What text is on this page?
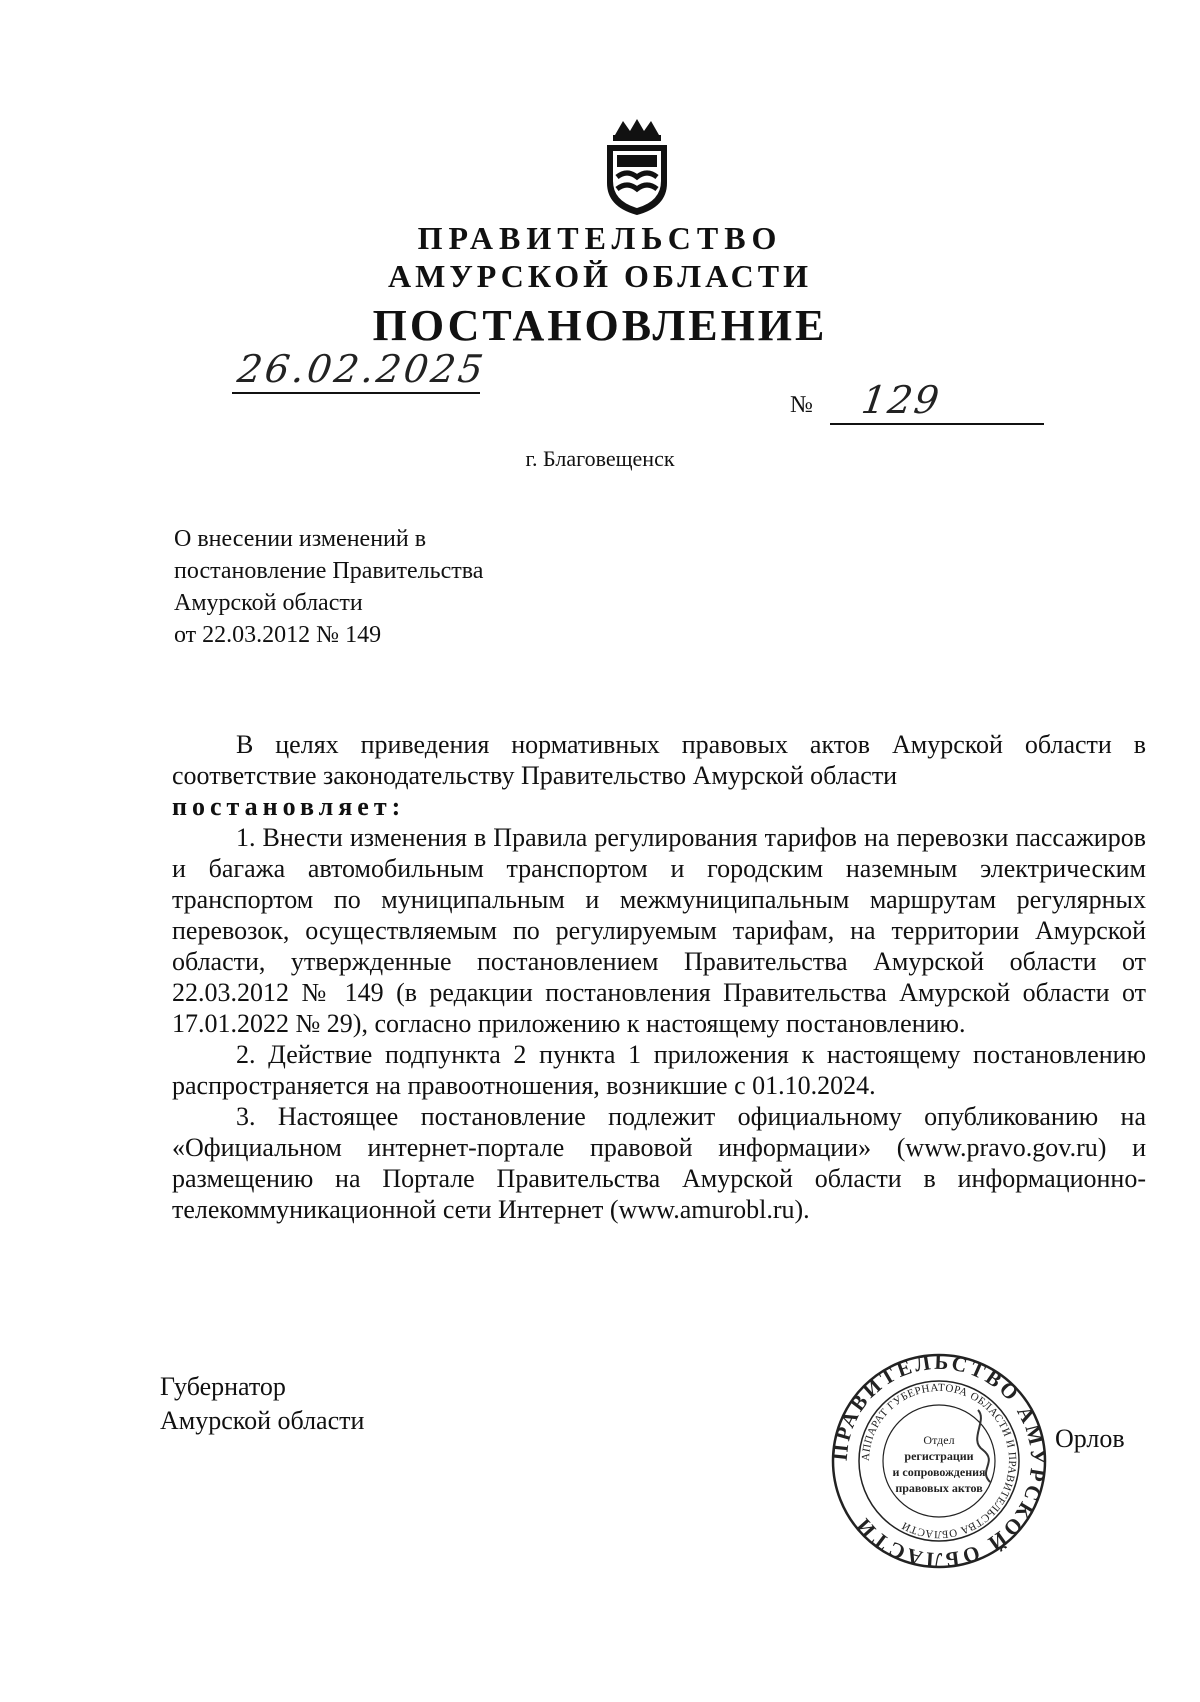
ПРАВИТЕЛЬСТВО
АМУРСКОЙ ОБЛАСТИ
ПОСТАНОВЛЕНИЕ
26.02.2025
№ 129
г. Благовещенск
О внесении изменений в
постановление Правительства
Амурской области
от 22.03.2012 № 149

В целях приведения нормативных правовых актов Амурской области в соответствие законодательству Правительство Амурской области

постановляет:

1. Внести изменения в Правила регулирования тарифов на перевозки пассажиров и багажа автомобильным транспортом и городским наземным электрическим транспортом по муниципальным и межмуниципальным маршрутам регулярных перевозок, осуществляемым по регулируемым тарифам, на территории Амурской области, утвержденные постановлением Правительства Амурской области от 22.03.2012 № 149 (в редакции постановления Правительства Амурской области от 17.01.2022 № 29), согласно приложению к настоящему постановлению.

2. Действие подпункта 2 пункта 1 приложения к настоящему постановлению распространяется на правоотношения, возникшие с 01.10.2024.

3. Настоящее постановление подлежит официальному опубликованию на «Официальном интернет-портале правовой информации» (www.pravo.gov.ru) и размещению на Портале Правительства Амурской области в информационно-телекоммуникационной сети Интернет (www.amurobl.ru).

Губернатор
Амурской области
ПРАВИТЕЛЬСТВО АМУРСКОЙ ОБЛАСТИ
АППАРАТ ГУБЕРНАТОРА ОБЛАСТИ И ПРАВИТЕЛЬСТВА ОБЛАСТИ
Отдел
регистрации
и сопровождения
правовых актов
Орлов
